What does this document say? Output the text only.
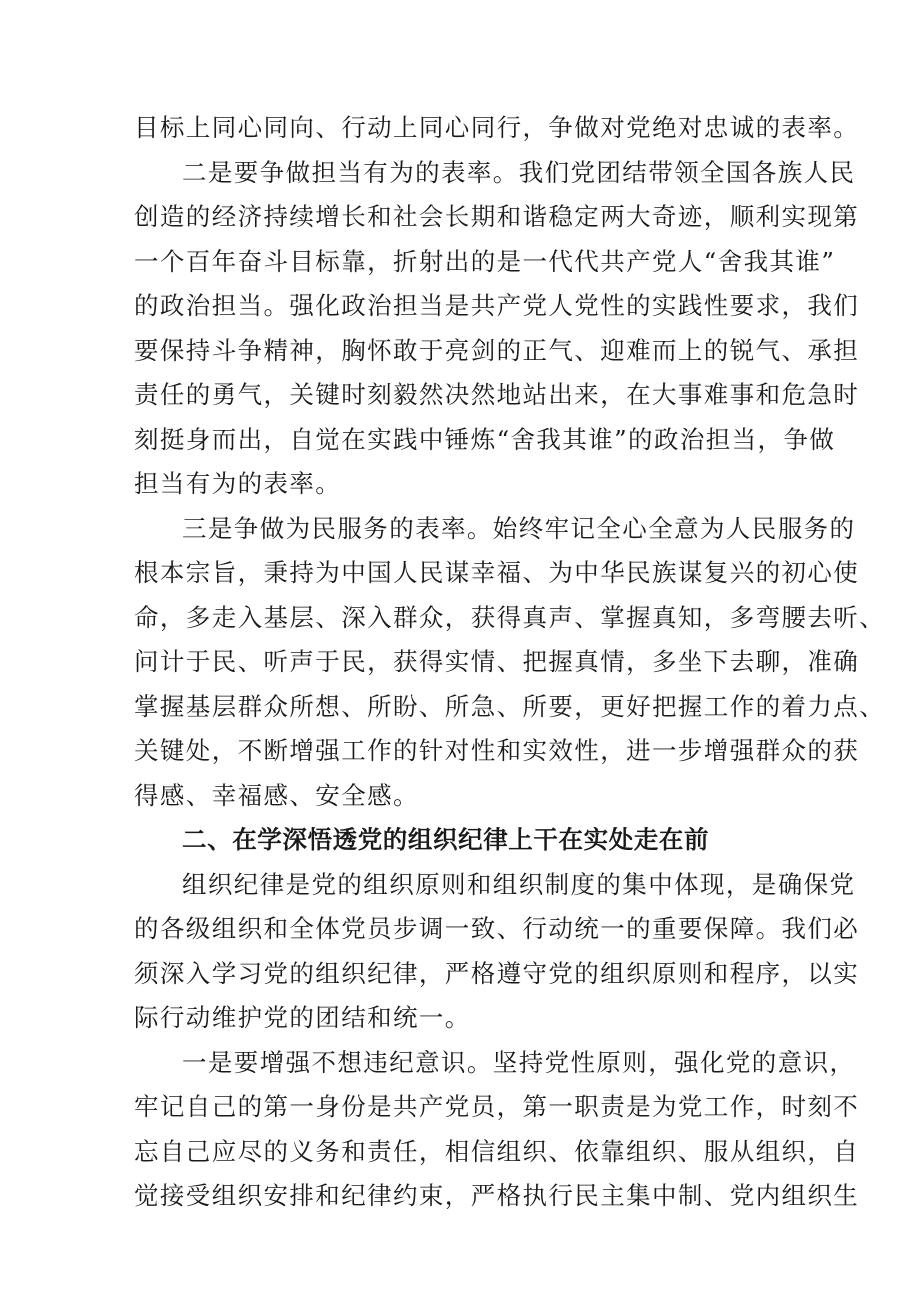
目标上同心同向、行动上同心同行，争做对党绝对忠诚的表率。
二是要争做担当有为的表率。我们党团结带领全国各族人民
创造的经济持续增长和社会长期和谐稳定两大奇迹，顺利实现第
一个百年奋斗目标靠，折射出的是一代代共产党人“舍我其谁”
的政治担当。强化政治担当是共产党人党性的实践性要求，我们
要保持斗争精神，胸怀敢于亮剑的正气、迎难而上的锐气、承担
责任的勇气，关键时刻毅然决然地站出来，在大事难事和危急时
刻挺身而出，自觉在实践中锤炼“舍我其谁”的政治担当，争做
担当有为的表率。
三是争做为民服务的表率。始终牢记全心全意为人民服务的
根本宗旨，秉持为中国人民谋幸福、为中华民族谋复兴的初心使
命，多走入基层、深入群众，获得真声、掌握真知，多弯腰去听、
问计于民、听声于民，获得实情、把握真情，多坐下去聊，准确
掌握基层群众所想、所盼、所急、所要，更好把握工作的着力点、
关键处，不断增强工作的针对性和实效性，进一步增强群众的获
得感、幸福感、安全感。
二、在学深悟透党的组织纪律上干在实处走在前
组织纪律是党的组织原则和组织制度的集中体现，是确保党
的各级组织和全体党员步调一致、行动统一的重要保障。我们必
须深入学习党的组织纪律，严格遵守党的组织原则和程序，以实
际行动维护党的团结和统一。
一是要增强不想违纪意识。坚持党性原则，强化党的意识，
牢记自己的第一身份是共产党员，第一职责是为党工作，时刻不
忘自己应尽的义务和责任，相信组织、依靠组织、服从组织，自
觉接受组织安排和纪律约束，严格执行民主集中制、党内组织生
